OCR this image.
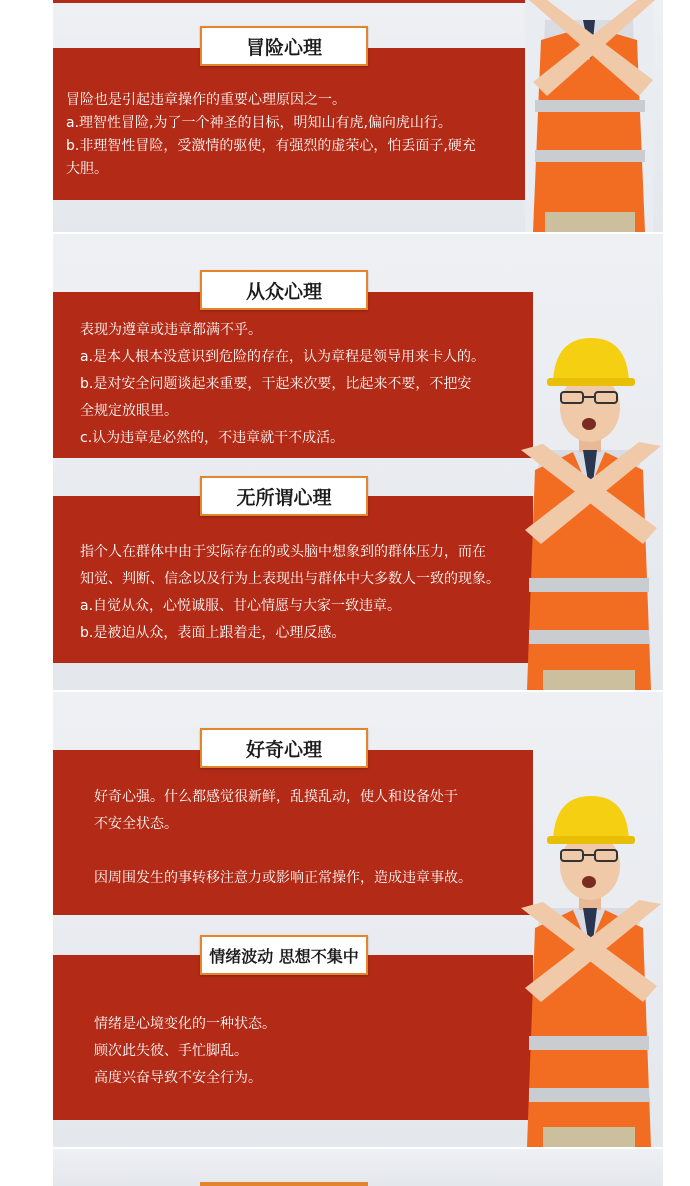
冒险心理

冒险也是引起违章操作的重要心理原因之一。

a.理智性冒险,为了一个神圣的目标，明知山有虎,偏向虎山行。

b.非理智性冒险，受激情的驱使，有强烈的虚荣心，怕丢面子,硬充

大胆。

从众心理

表现为遵章或违章都满不乎。

a.是本人根本没意识到危险的存在，认为章程是领导用来卡人的。

b.是对安全问题谈起来重要，干起来次要，比起来不要，不把安

全规定放眼里。

c.认为违章是必然的，不违章就干不成活。

无所谓心理

指个人在群体中由于实际存在的或头脑中想象到的群体压力，而在

知觉、判断、信念以及行为上表现出与群体中大多数人一致的现象。

a.自觉从众，心悦诚服、甘心情愿与大家一致违章。

b.是被迫从众，表面上跟着走，心理反感。

好奇心理

好奇心强。什么都感觉很新鲜，乱摸乱动，使人和设备处于

不安全状态。

因周围发生的事转移注意力或影响正常操作，造成违章事故。

情绪波动 思想不集中

情绪是心境变化的一种状态。

顾次此失彼、手忙脚乱。

高度兴奋导致不安全行为。
